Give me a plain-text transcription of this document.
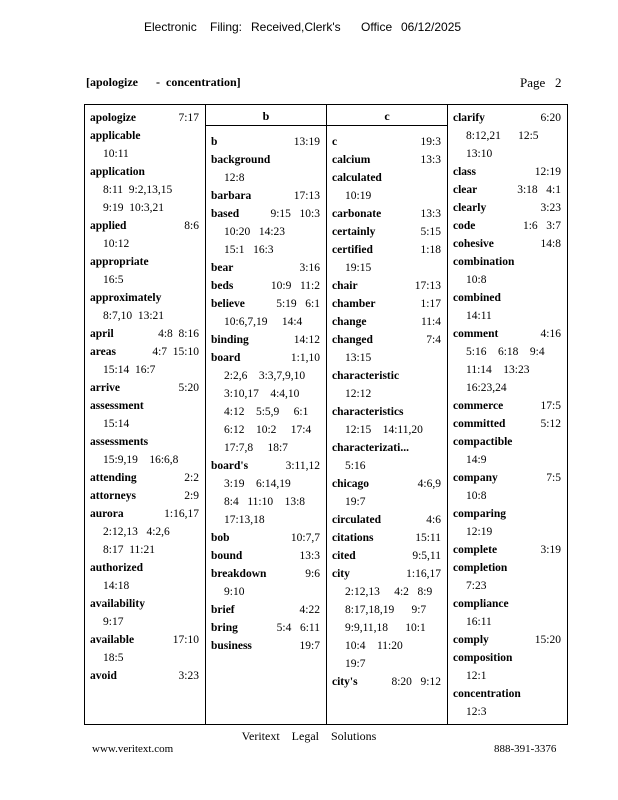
Electronic Filing: Received,Clerk's Office 06/12/2025
[apologize      -  concentration]	Page   2
apologize	7:17
applicable
10:11
application
8:11  9:2,13,15
9:19  10:3,21
applied	8:6
10:12
appropriate
16:5
approximately
8:7,10  13:21
april	4:8  8:16
areas	4:7  15:10
15:14  16:7
arrive	5:20
assessment
15:14
assessments
15:9,19    16:6,8
attending	2:2
attorneys	2:9
aurora	1:16,17
2:12,13   4:2,6
8:17  11:21
authorized
14:18
availability
9:17
available	17:10
18:5
avoid	3:23
b
b	13:19
background
12:8
barbara	17:13
based	9:15   10:3
10:20   14:23
15:1   16:3
bear	3:16
beds	10:9   11:2
believe	5:19   6:1
10:6,7,19     14:4
binding	14:12
board	1:1,10
2:2,6    3:3,7,9,10
3:10,17    4:4,10
4:12    5:5,9     6:1
6:12    10:2     17:4
17:7,8     18:7
board's	3:11,12
3:19    6:14,19
8:4   11:10    13:8
17:13,18
bob	10:7,7
bound	13:3
breakdown	9:6
9:10
brief	4:22
bring	5:4   6:11
business	19:7
c
c	19:3
calcium	13:3
calculated
10:19
carbonate	13:3
certainly	5:15
certified	1:18
19:15
chair	17:13
chamber	1:17
change	11:4
changed	7:4
13:15
characteristic
12:12
characteristics
12:15    14:11,20
characterizati...
5:16
chicago	4:6,9
19:7
circulated	4:6
citations	15:11
cited	9:5,11
city	1:16,17
2:12,13     4:2   8:9
8:17,18,19      9:7
9:9,11,18      10:1
10:4    11:20
19:7
city's	8:20   9:12
clarify	6:20
8:12,21      12:5
13:10
class	12:19
clear	3:18   4:1
clearly	3:23
code	1:6   3:7
cohesive	14:8
combination
10:8
combined
14:11
comment	4:16
5:16    6:18    9:4
11:14    13:23
16:23,24
commerce	17:5
committed	5:12
compactible
14:9
company	7:5
10:8
comparing
12:19
complete	3:19
completion
7:23
compliance
16:11
comply	15:20
composition
12:1
concentration
12:3
Veritext    Legal    Solutions
www.veritext.com	888-391-3376
